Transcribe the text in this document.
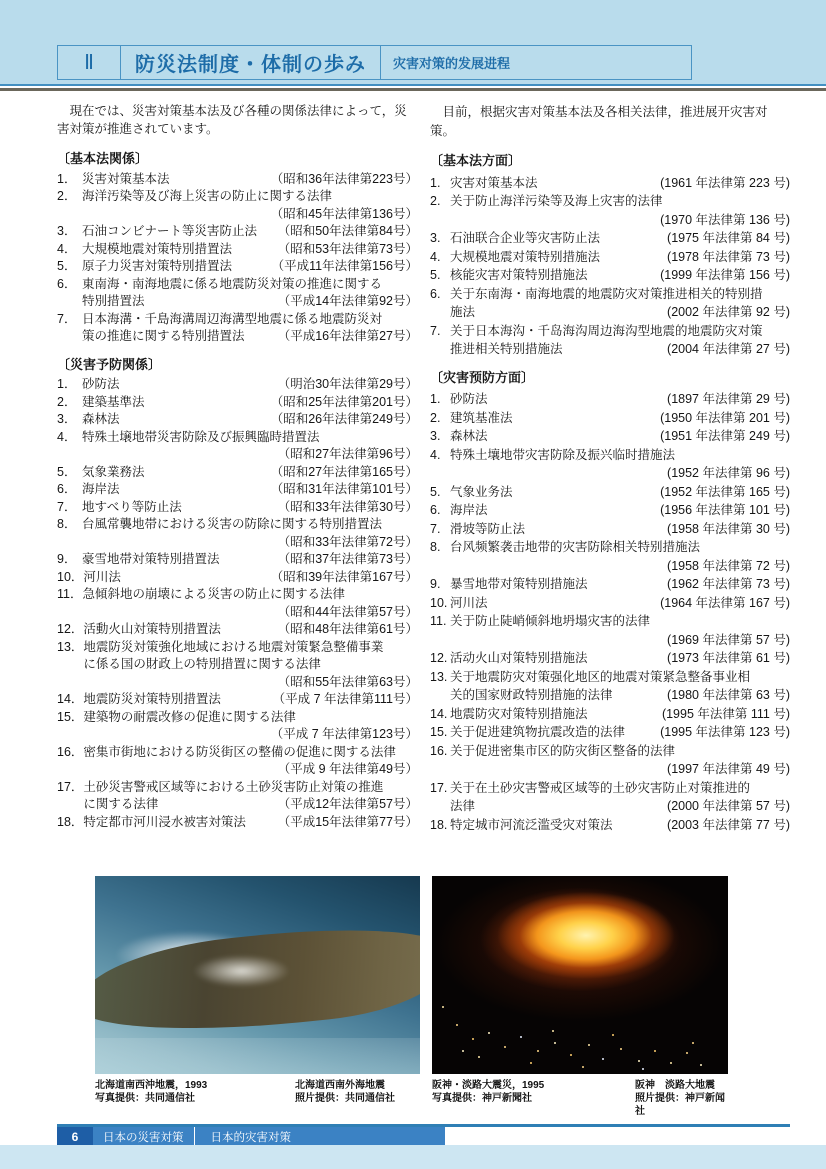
Ⅱ	防災法制度・体制の歩み	灾害对策的发展进程

現在では、災害対策基本法及び各種の関係法律によって，災害対策が推進されています。

〔基本法関係〕
1． 災害対策基本法	（昭和36年法律第223号）
2． 海洋汚染等及び海上災害の防止に関する法律
（昭和45年法律第136号）
3． 石油コンビナート等災害防止法 （昭和50年法律第84号）
4． 大規模地震対策特別措置法	（昭和53年法律第73号）
5． 原子力災害対策特別措置法	（平成11年法律第156号）
6． 東南海・南海地震に係る地震防災対策の推進に関する
特別措置法	（平成14年法律第92号）
7． 日本海溝・千島海溝周辺海溝型地震に係る地震防災対
策の推進に関する特別措置法	（平成16年法律第27号）
〔災害予防関係〕
1． 砂防法	（明治30年法律第29号）
2． 建築基準法	（昭和25年法律第201号）
3． 森林法	（昭和26年法律第249号）
4． 特殊土壌地帯災害防除及び振興臨時措置法
（昭和27年法律第96号）
5． 気象業務法	（昭和27年法律第165号）
6． 海岸法	（昭和31年法律第101号）
7． 地すべり等防止法	（昭和33年法律第30号）
8． 台風常襲地帯における災害の防除に関する特別措置法
（昭和33年法律第72号）
9． 豪雪地帯対策特別措置法	（昭和37年法律第73号）
10． 河川法	（昭和39年法律第167号）
11． 急傾斜地の崩壊による災害の防止に関する法律
（昭和44年法律第57号）
12． 活動火山対策特別措置法	（昭和48年法律第61号）
13． 地震防災対策強化地域における地震対策緊急整備事業
に係る国の財政上の特別措置に関する法律
（昭和55年法律第63号）
14． 地震防災対策特別措置法	（平成 7 年法律第111号）
15． 建築物の耐震改修の促進に関する法律
（平成 7 年法律第123号）
16． 密集市街地における防災街区の整備の促進に関する法律
（平成 9 年法律第49号）
17． 土砂災害警戒区域等における土砂災害防止対策の推進
に関する法律	（平成12年法律第57号）
18． 特定都市河川浸水被害対策法	（平成15年法律第77号）

目前，根据灾害对策基本法及各相关法律，推进展开灾害对策。

〔基本法方面〕
1. 灾害对策基本法	(1961 年法律第 223 号)
2. 关于防止海洋污染等及海上灾害的法律
(1970 年法律第 136 号)
3. 石油联合企业等灾害防止法	(1975 年法律第 84 号)
4. 大规模地震对策特别措施法	(1978 年法律第 73 号)
5. 核能灾害对策特别措施法	(1999 年法律第 156 号)
6. 关于东南海・南海地震的地震防灾对策推进相关的特别措
施法	(2002 年法律第 92 号)
7. 关于日本海沟・千岛海沟周边海沟型地震的地震防灾对策
推进相关特别措施法	(2004 年法律第 27 号)
〔灾害预防方面〕
1. 砂防法	(1897 年法律第 29 号)
2. 建筑基准法	(1950 年法律第 201 号)
3. 森林法	(1951 年法律第 249 号)
4. 特殊土壤地带灾害防除及振兴临时措施法
(1952 年法律第 96 号)
5. 气象业务法	(1952 年法律第 165 号)
6. 海岸法	(1956 年法律第 101 号)
7. 滑坡等防止法	(1958 年法律第 30 号)
8. 台风频繁袭击地带的灾害防除相关特别措施法
(1958 年法律第 72 号)
9. 暴雪地带对策特别措施法	(1962 年法律第 73 号)
10. 河川法	(1964 年法律第 167 号)
11. 关于防止陡峭倾斜地坍塌灾害的法律
(1969 年法律第 57 号)
12. 活动火山对策特别措施法	(1973 年法律第 61 号)
13. 关于地震防灾对策强化地区的地震对策紧急整备事业相
关的国家财政特别措施的法律	(1980 年法律第 63 号)
14. 地震防灾对策特别措施法	(1995 年法律第 111 号)
15. 关于促进建筑物抗震改造的法律	(1995 年法律第 123 号)
16. 关于促进密集市区的防灾街区整备的法律
(1997 年法律第 49 号)
17. 关于在土砂灾害警戒区域等的土砂灾害防止对策推进的
法律	(2000 年法律第 57 号)
18. 特定城市河流泛滥受灾对策法	(2003 年法律第 77 号)
北海道南西沖地震，1993
写真提供：共同通信社
北海道西南外海地震
照片提供：共同通信社
阪神・淡路大震災，1995
写真提供：神戸新聞社
阪神　淡路大地震
照片提供：神戸新闻社
6	日本の災害対策	日本的灾害对策
